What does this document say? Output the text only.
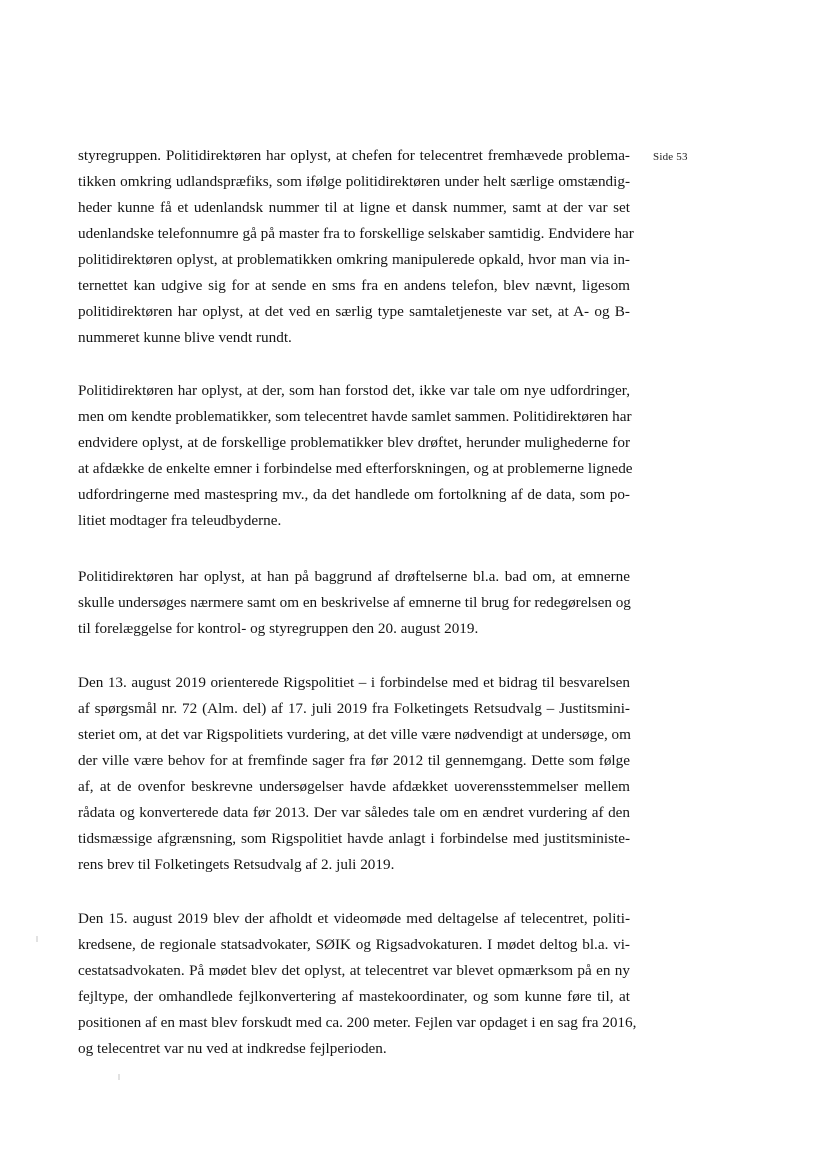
Side 53
styregruppen. Politidirektøren har oplyst, at chefen for telecentret fremhævede problema-
tikken omkring udlandspræfiks, som ifølge politidirektøren under helt særlige omstændig-
heder kunne få et udenlandsk nummer til at ligne et dansk nummer, samt at der var set
udenlandske telefonnumre gå på master fra to forskellige selskaber samtidig. Endvidere har
politidirektøren oplyst, at problematikken omkring manipulerede opkald, hvor man via in-
ternettet kan udgive sig for at sende en sms fra en andens telefon, blev nævnt, ligesom
politidirektøren har oplyst, at det ved en særlig type samtaletjeneste var set, at A- og B-
nummeret kunne blive vendt rundt.
Politidirektøren har oplyst, at der, som han forstod det, ikke var tale om nye udfordringer,
men om kendte problematikker, som telecentret havde samlet sammen. Politidirektøren har
endvidere oplyst, at de forskellige problematikker blev drøftet, herunder mulighederne for
at afdække de enkelte emner i forbindelse med efterforskningen, og at problemerne lignede
udfordringerne med mastespring mv., da det handlede om fortolkning af de data, som po-
litiet modtager fra teleudbyderne.
Politidirektøren har oplyst, at han på baggrund af drøftelserne bl.a. bad om, at emnerne
skulle undersøges nærmere samt om en beskrivelse af emnerne til brug for redegørelsen og
til forelæggelse for kontrol- og styregruppen den 20. august 2019.
Den 13. august 2019 orienterede Rigspolitiet – i forbindelse med et bidrag til besvarelsen
af spørgsmål nr. 72 (Alm. del) af 17. juli 2019 fra Folketingets Retsudvalg – Justitsmini-
steriet om, at det var Rigspolitiets vurdering, at det ville være nødvendigt at undersøge, om
der ville være behov for at fremfinde sager fra før 2012 til gennemgang. Dette som følge
af, at de ovenfor beskrevne undersøgelser havde afdækket uoverensstemmelser mellem
rådata og konverterede data før 2013. Der var således tale om en ændret vurdering af den
tidsmæssige afgrænsning, som Rigspolitiet havde anlagt i forbindelse med justitsministe-
rens brev til Folketingets Retsudvalg af 2. juli 2019.
Den 15. august 2019 blev der afholdt et videomøde med deltagelse af telecentret, politi-
kredsene, de regionale statsadvokater, SØIK og Rigsadvokaturen. I mødet deltog bl.a. vi-
cestatsadvokaten. På mødet blev det oplyst, at telecentret var blevet opmærksom på en ny
fejltype, der omhandlede fejlkonvertering af mastekoordinater, og som kunne føre til, at
positionen af en mast blev forskudt med ca. 200 meter. Fejlen var opdaget i en sag fra 2016,
og telecentret var nu ved at indkredse fejlperioden.
